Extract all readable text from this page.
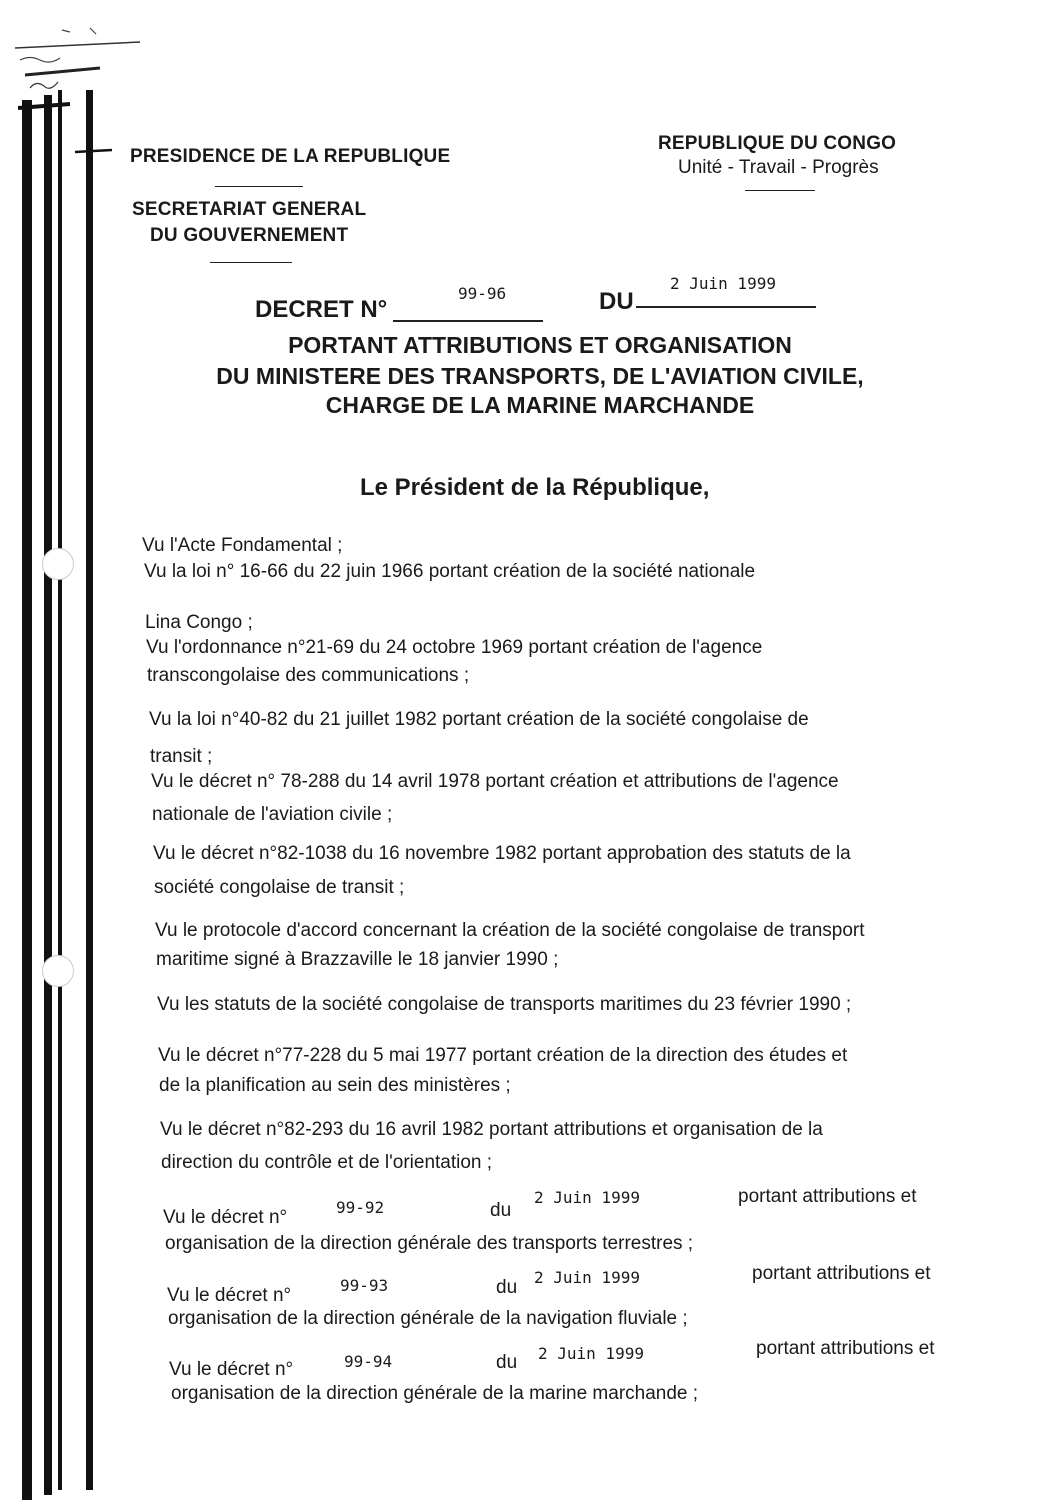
PRESIDENCE DE LA REPUBLIQUE
SECRETARIAT GENERAL
DU GOUVERNEMENT
REPUBLIQUE DU CONGO
Unité - Travail - Progrès
DECRET N°
99-96	DU
2 Juin 1999
PORTANT ATTRIBUTIONS ET ORGANISATION
DU MINISTERE DES TRANSPORTS, DE L'AVIATION CIVILE,
CHARGE DE LA MARINE MARCHANDE
Le Président de la République,
Vu l'Acte Fondamental ;
Vu la loi n° 16-66 du 22 juin 1966 portant création de la société nationale
Lina Congo ;
Vu l'ordonnance n°21-69 du 24 octobre 1969 portant création de l'agence
transcongolaise des communications ;
Vu la loi n°40-82 du 21 juillet 1982 portant création de la société congolaise de
transit ;
Vu le décret n° 78-288 du 14 avril 1978 portant création et attributions de l'agence
nationale de l'aviation civile ;
Vu le décret n°82-1038 du 16 novembre 1982 portant approbation des statuts de la
société congolaise de transit ;
Vu le protocole d'accord concernant la création de la société congolaise de transport
maritime signé à Brazzaville le 18 janvier 1990 ;
Vu les statuts de la société congolaise de transports maritimes du 23 février 1990 ;
Vu le décret n°77-228 du 5 mai 1977 portant création de la direction des études et
de la planification au sein des ministères ;
Vu le décret n°82-293 du 16 avril 1982 portant attributions et organisation de la
direction du contrôle et de l'orientation ;
Vu le décret n°	99-92	du
2 Juin 1999	portant attributions et
organisation de la direction générale des transports terrestres ;
Vu le décret n°	99-93	du 2 Juin 1999	portant attributions et
organisation de la direction générale de la navigation fluviale ;
Vu le décret n°	99-94	du 2 Juin 1999	portant attributions et
organisation de la direction générale de la marine marchande ;
